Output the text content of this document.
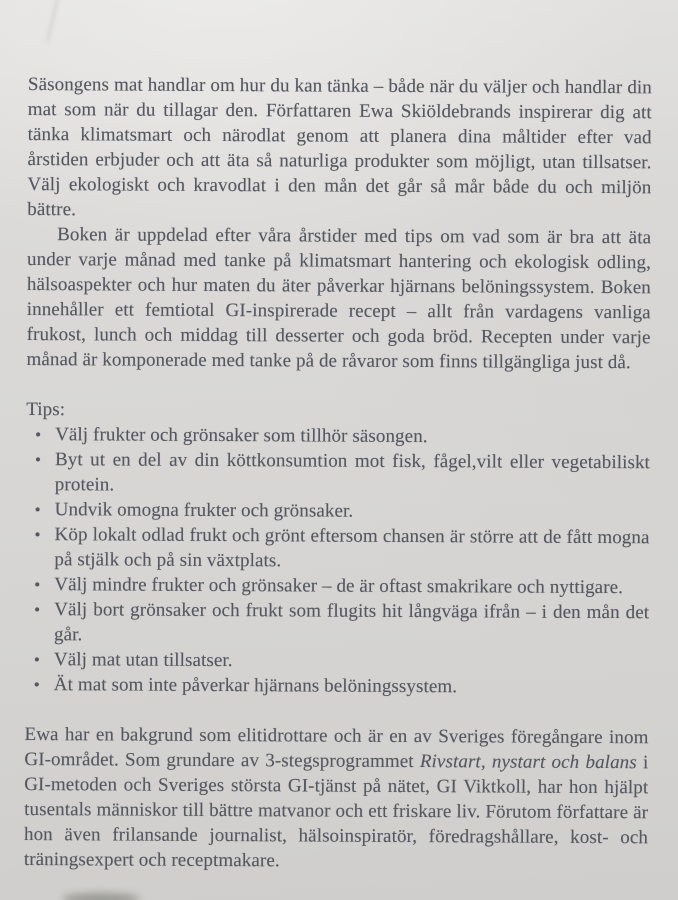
Säsongens mat handlar om hur du kan tänka – både när du väljer och handlar din mat som när du tillagar den. Författaren Ewa Skiöldebrands inspirerar dig att tänka klimatsmart och närodlat genom att planera dina måltider efter vad årstiden erbjuder och att äta så naturliga produkter som möjligt, utan tillsatser. Välj ekologiskt och kravodlat i den mån det går så mår både du och miljön bättre.

Boken är uppdelad efter våra årstider med tips om vad som är bra att äta under varje månad med tanke på klimatsmart hantering och ekologisk odling, hälsoaspekter och hur maten du äter påverkar hjärnans belöningssystem. Boken innehåller ett femtiotal GI-inspirerade recept – allt från vardagens vanliga frukost, lunch och middag till desserter och goda bröd. Recepten under varje månad är komponerade med tanke på de råvaror som finns tillgängliga just då.

Tips:
• Välj frukter och grönsaker som tillhör säsongen.
• Byt ut en del av din köttkonsumtion mot fisk, fågel,vilt eller vegetabiliskt protein.
• Undvik omogna frukter och grönsaker.
• Köp lokalt odlad frukt och grönt eftersom chansen är större att de fått mogna på stjälk och på sin växtplats.
• Välj mindre frukter och grönsaker – de är oftast smakrikare och nyttigare.
• Välj bort grönsaker och frukt som flugits hit långväga ifrån – i den mån det går.
• Välj mat utan tillsatser.
• Ät mat som inte påverkar hjärnans belöningssystem.

Ewa har en bakgrund som elitidrottare och är en av Sveriges föregångare inom GI-området. Som grundare av 3-stegsprogrammet Rivstart, nystart och balans i GI-metoden och Sveriges största GI-tjänst på nätet, GI Viktkoll, har hon hjälpt tusentals människor till bättre matvanor och ett friskare liv. Förutom författare är hon även frilansande journalist, hälsoinspiratör, föredragshållare, kost- och träningsexpert och receptmakare.
